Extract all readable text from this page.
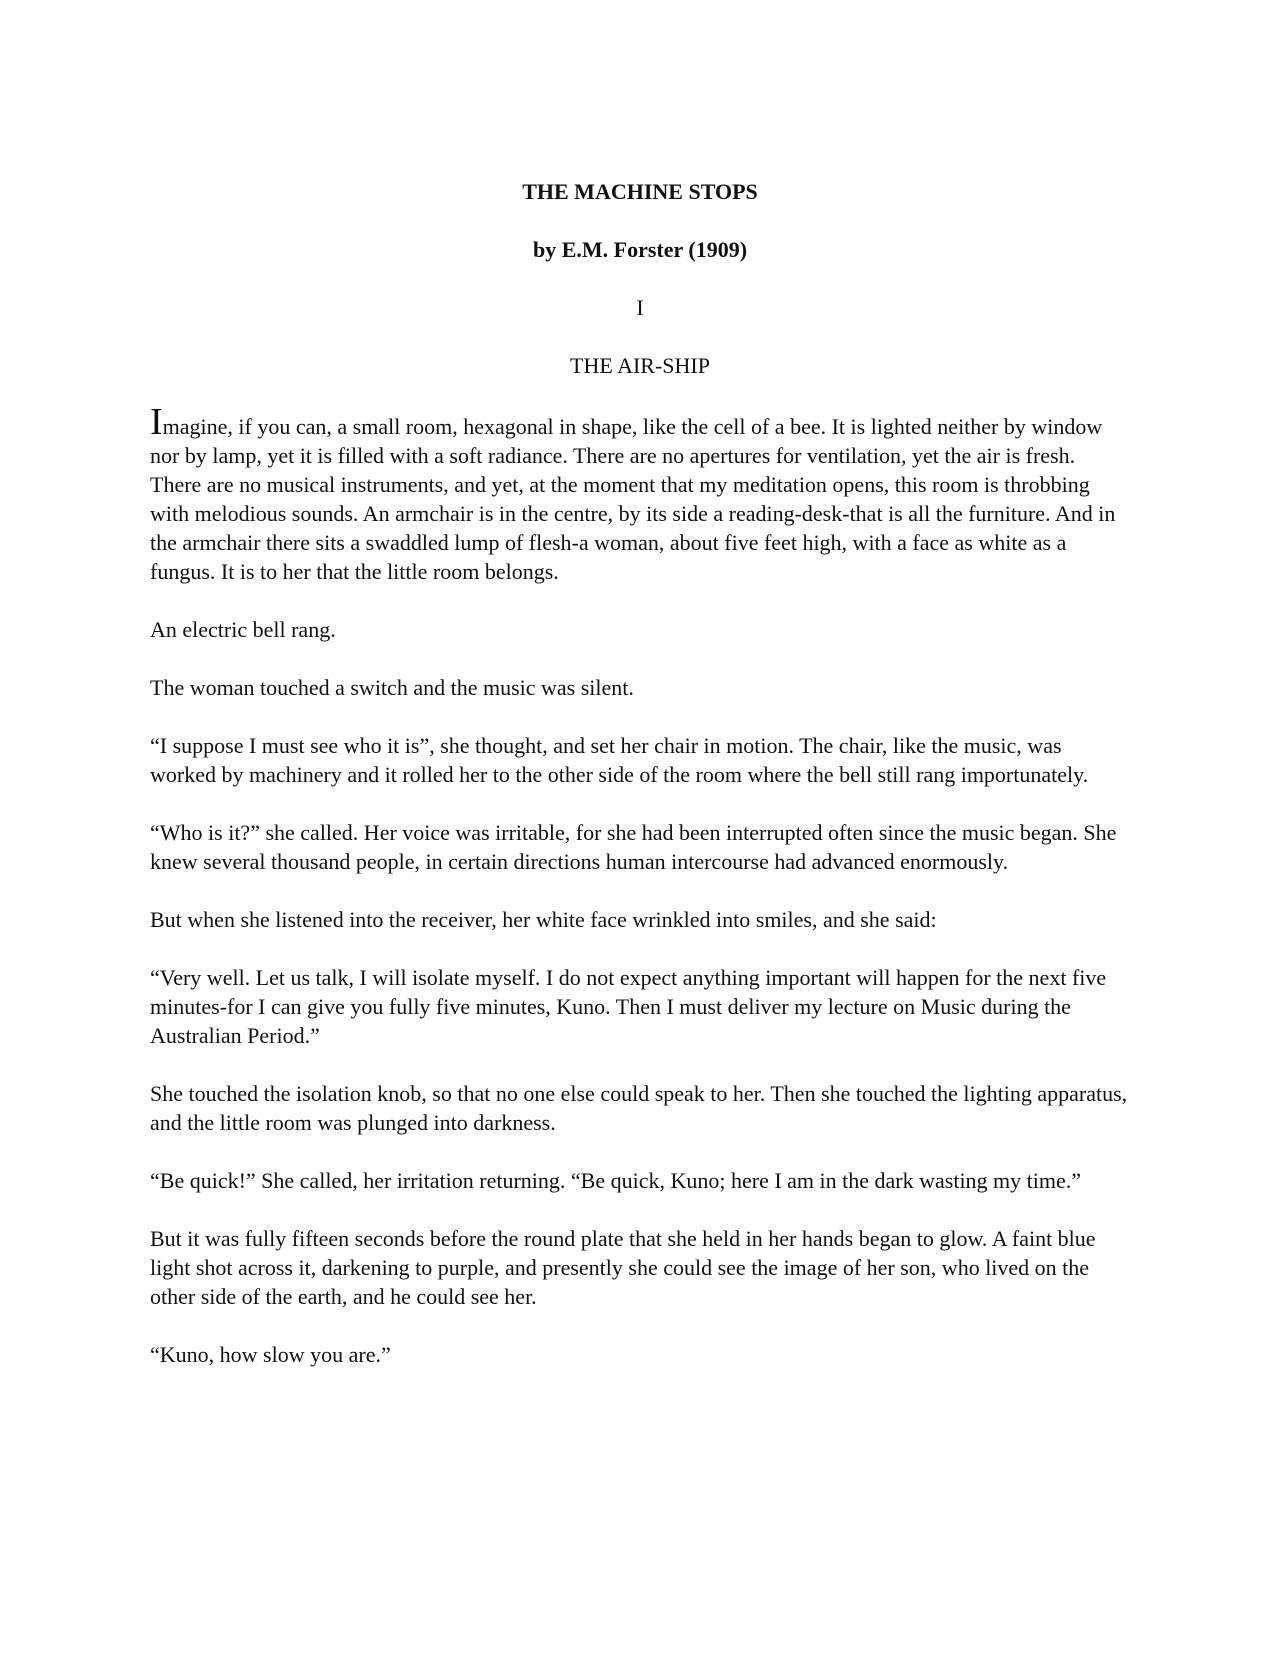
THE MACHINE STOPS
by E.M. Forster (1909)
I
THE AIR-SHIP

Imagine, if you can, a small room, hexagonal in shape, like the cell of a bee. It is lighted neither by window nor by lamp, yet it is filled with a soft radiance. There are no apertures for ventilation, yet the air is fresh. There are no musical instruments, and yet, at the moment that my meditation opens, this room is throbbing with melodious sounds. An armchair is in the centre, by its side a reading-desk-that is all the furniture. And in the armchair there sits a swaddled lump of flesh-a woman, about five feet high, with a face as white as a fungus. It is to her that the little room belongs.

An electric bell rang.

The woman touched a switch and the music was silent.

“I suppose I must see who it is”, she thought, and set her chair in motion. The chair, like the music, was worked by machinery and it rolled her to the other side of the room where the bell still rang importunately.

“Who is it?” she called. Her voice was irritable, for she had been interrupted often since the music began. She knew several thousand people, in certain directions human intercourse had advanced enormously.

But when she listened into the receiver, her white face wrinkled into smiles, and she said:

“Very well. Let us talk, I will isolate myself. I do not expect anything important will happen for the next five minutes-for I can give you fully five minutes, Kuno. Then I must deliver my lecture on Music during the Australian Period.”

She touched the isolation knob, so that no one else could speak to her. Then she touched the lighting apparatus, and the little room was plunged into darkness.

“Be quick!” She called, her irritation returning. “Be quick, Kuno; here I am in the dark wasting my time.”

But it was fully fifteen seconds before the round plate that she held in her hands began to glow. A faint blue light shot across it, darkening to purple, and presently she could see the image of her son, who lived on the other side of the earth, and he could see her.

“Kuno, how slow you are.”
